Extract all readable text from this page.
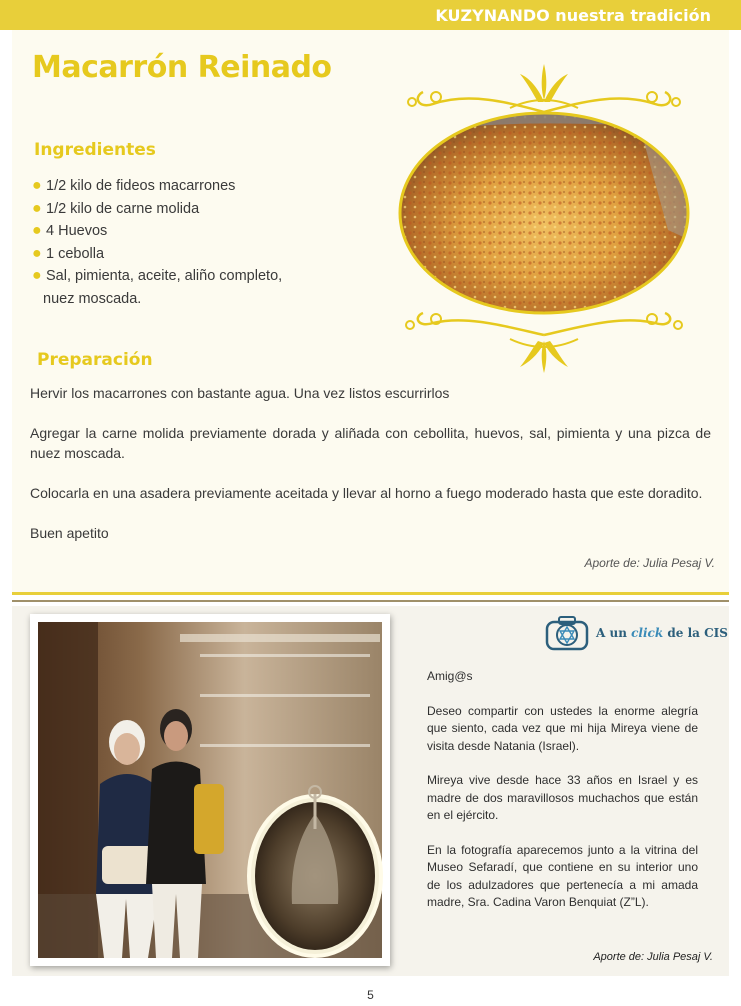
KUZYNANDO nuestra tradición
Macarrón Reinado
Ingredientes
● 1/2 kilo de fideos macarrones
● 1/2 kilo de carne molida
● 4 Huevos
● 1 cebolla
● Sal, pimienta, aceite, aliño completo,
nuez moscada.
Preparación

Hervir los macarrones con bastante agua. Una vez listos escurrirlos

Agregar la carne molida previamente dorada y aliñada con cebollita, huevos, sal, pimienta y una pizca de nuez moscada.

Colocarla en una asadera previamente aceitada y llevar al horno a fuego moderado hasta que este doradito.

Buen apetito

Aporte de: Julia Pesaj V.
A un click de la CIS

Amig@s

Deseo compartir con ustedes la enorme alegría que siento, cada vez que mi hija Mireya viene de visita desde Natania (Israel).

Mireya vive desde hace 33 años en Israel y es madre de dos maravillosos muchachos que están en el ejército.

En la fotografía aparecemos junto a la vitrina del Museo Sefaradí, que contiene en su interior uno de los adulzadores que pertenecía a mi amada madre, Sra. Cadina Varon Benquiat (Z”L).

Aporte de: Julia Pesaj V.
5
